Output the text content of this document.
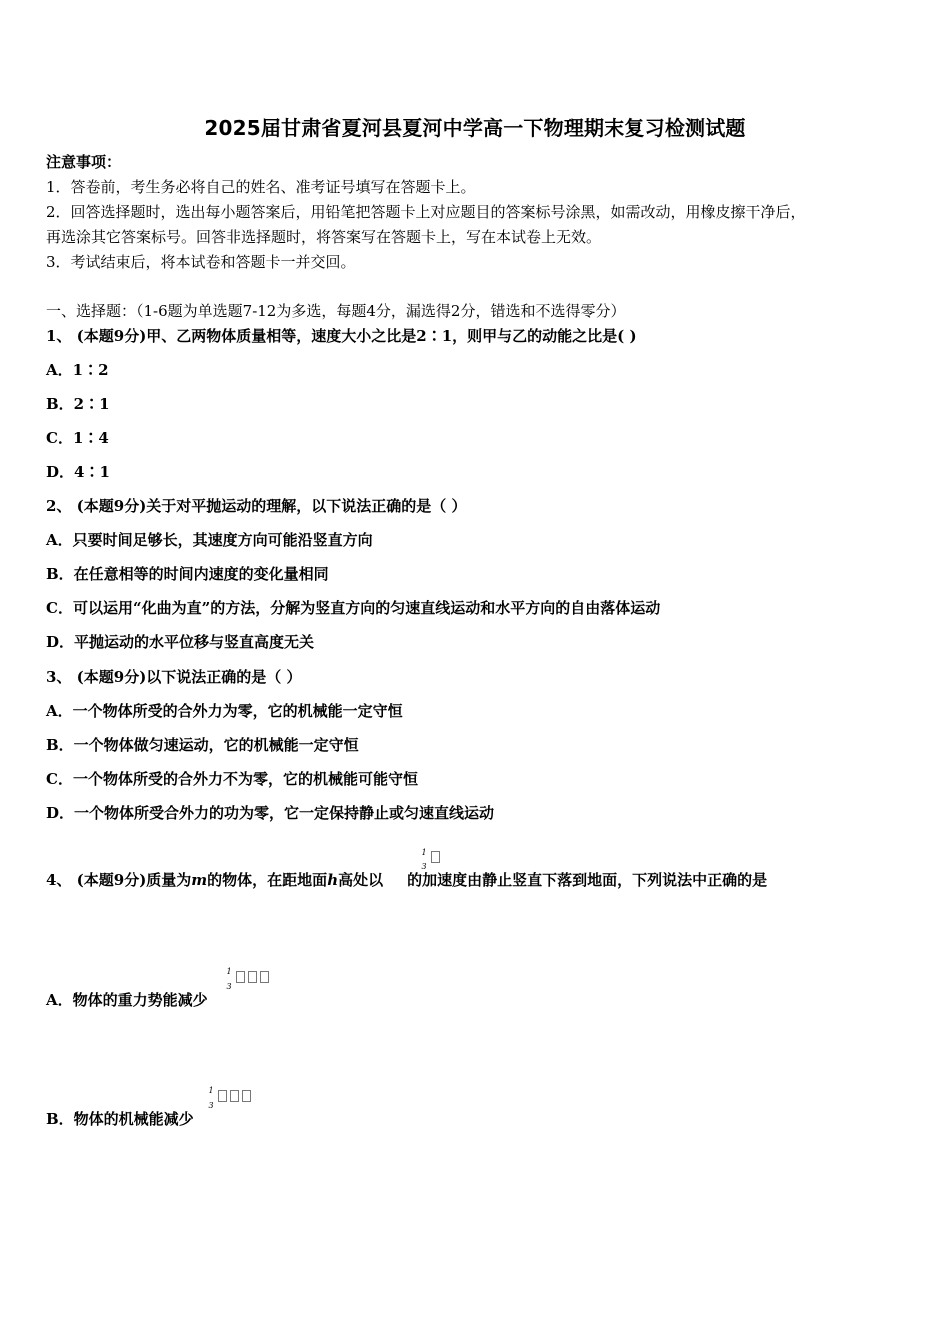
2025届甘肃省夏河县夏河中学高一下物理期末复习检测试题
注意事项：
1．答卷前，考生务必将自己的姓名、准考证号填写在答题卡上。
2．回答选择题时，选出每小题答案后，用铅笔把答题卡上对应题目的答案标号涂黑，如需改动，用橡皮擦干净后，
再选涂其它答案标号。回答非选择题时，将答案写在答题卡上，写在本试卷上无效。
3．考试结束后，将本试卷和答题卡一并交回。
一、选择题：（1-6题为单选题7-12为多选，每题4分，漏选得2分，错选和不选得零分）
1、 (本题9分)甲、乙两物体质量相等，速度大小之比是2∶1，则甲与乙的动能之比是( )
A．1∶2
B．2∶1
C．1∶4
D．4∶1
2、 (本题9分)关于对平抛运动的理解，以下说法正确的是（ ）
A．只要时间足够长，其速度方向可能沿竖直方向
B．在任意相等的时间内速度的变化量相同
C．可以运用“化曲为直”的方法，分解为竖直方向的匀速直线运动和水平方向的自由落体运动
D．平抛运动的水平位移与竖直高度无关
3、 (本题9分)以下说法正确的是（ ）
A．一个物体所受的合外力为零，它的机械能一定守恒
B．一个物体做匀速运动，它的机械能一定守恒
C．一个物体所受的合外力不为零，它的机械能可能守恒
D．一个物体所受合外力的功为零，它一定保持静止或匀速直线运动
4、 (本题9分)质量为m的物体，在距地面h高处以 的加速度由静止竖直下落到地面，下列说法中正确的是
1
3
A．物体的重力势能减少
1
3
B．物体的机械能减少
1
3
